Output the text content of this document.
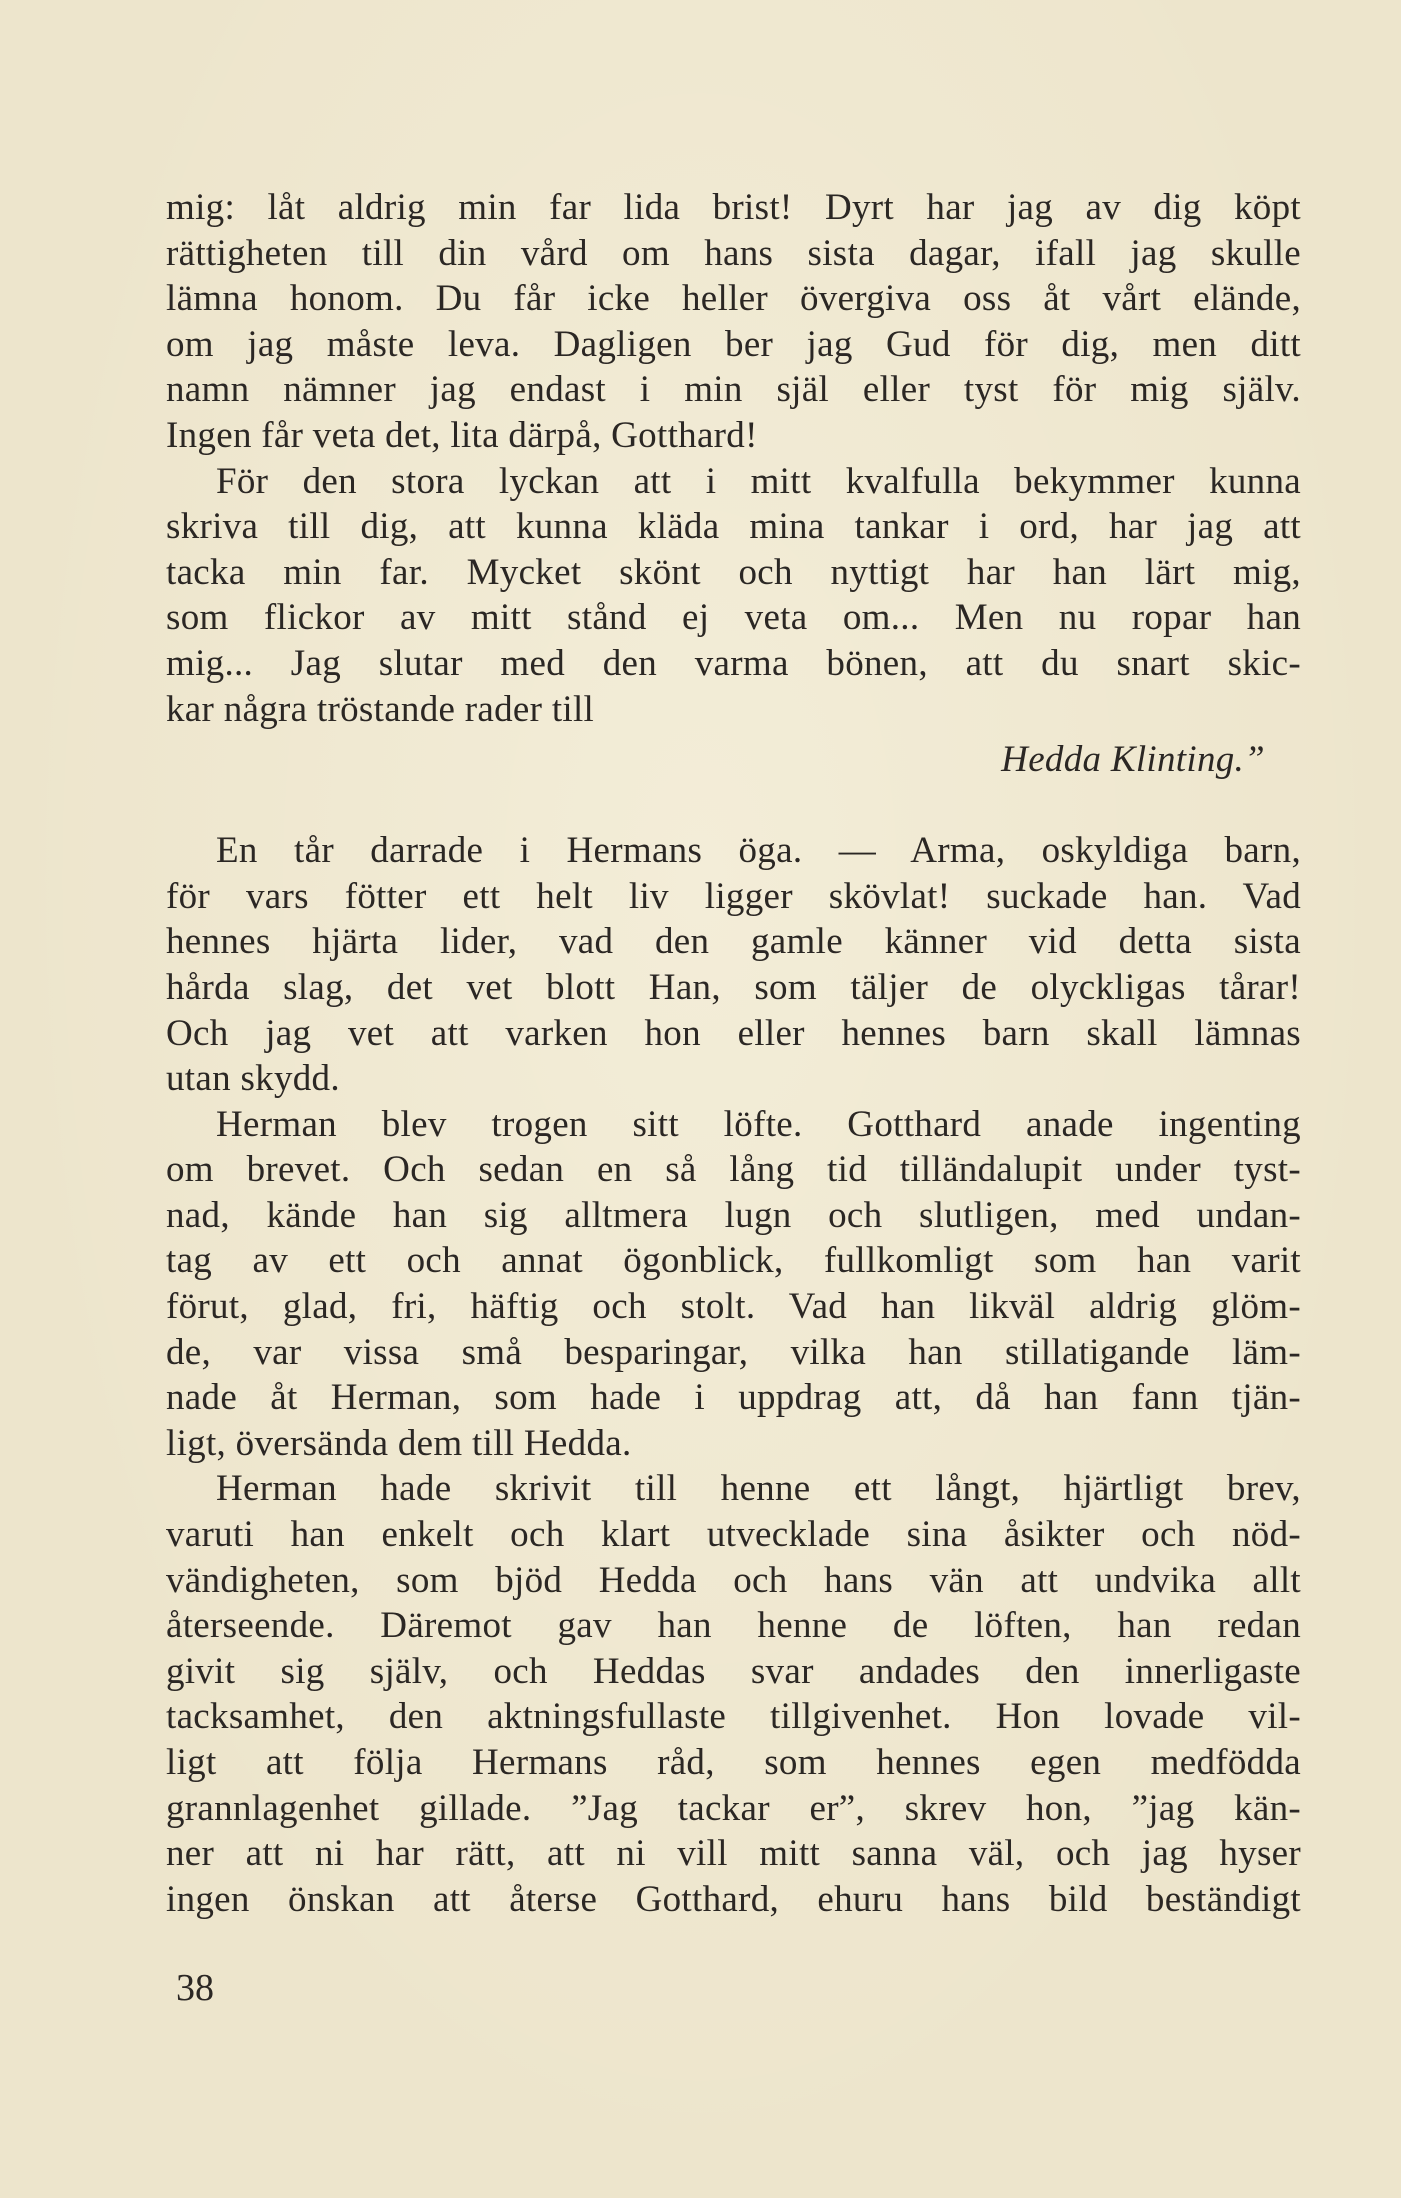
mig: låt aldrig min far lida brist! Dyrt har jag av dig köpt
rättigheten till din vård om hans sista dagar, ifall jag skulle
lämna honom. Du får icke heller övergiva oss åt vårt elände,
om jag måste leva. Dagligen ber jag Gud för dig, men ditt
namn nämner jag endast i min själ eller tyst för mig själv.
Ingen får veta det, lita därpå, Gotthard!
För den stora lyckan att i mitt kvalfulla bekymmer kunna
skriva till dig, att kunna kläda mina tankar i ord, har jag att
tacka min far. Mycket skönt och nyttigt har han lärt mig,
som flickor av mitt stånd ej veta om... Men nu ropar han
mig... Jag slutar med den varma bönen, att du snart skic-
kar några tröstande rader till
Hedda Klinting.”
En tår darrade i Hermans öga. — Arma, oskyldiga barn,
för vars fötter ett helt liv ligger skövlat! suckade han. Vad
hennes hjärta lider, vad den gamle känner vid detta sista
hårda slag, det vet blott Han, som täljer de olyckligas tårar!
Och jag vet att varken hon eller hennes barn skall lämnas
utan skydd.
Herman blev trogen sitt löfte. Gotthard anade ingenting
om brevet. Och sedan en så lång tid tilländalupit under tyst-
nad, kände han sig alltmera lugn och slutligen, med undan-
tag av ett och annat ögonblick, fullkomligt som han varit
förut, glad, fri, häftig och stolt. Vad han likväl aldrig glöm-
de, var vissa små besparingar, vilka han stillatigande läm-
nade åt Herman, som hade i uppdrag att, då han fann tjän-
ligt, översända dem till Hedda.
Herman hade skrivit till henne ett långt, hjärtligt brev,
varuti han enkelt och klart utvecklade sina åsikter och nöd-
vändigheten, som bjöd Hedda och hans vän att undvika allt
återseende. Däremot gav han henne de löften, han redan
givit sig själv, och Heddas svar andades den innerligaste
tacksamhet, den aktningsfullaste tillgivenhet. Hon lovade vil-
ligt att följa Hermans råd, som hennes egen medfödda
grannlagenhet gillade. ”Jag tackar er”, skrev hon, ”jag kän-
ner att ni har rätt, att ni vill mitt sanna väl, och jag hyser
ingen önskan att återse Gotthard, ehuru hans bild beständigt
38
